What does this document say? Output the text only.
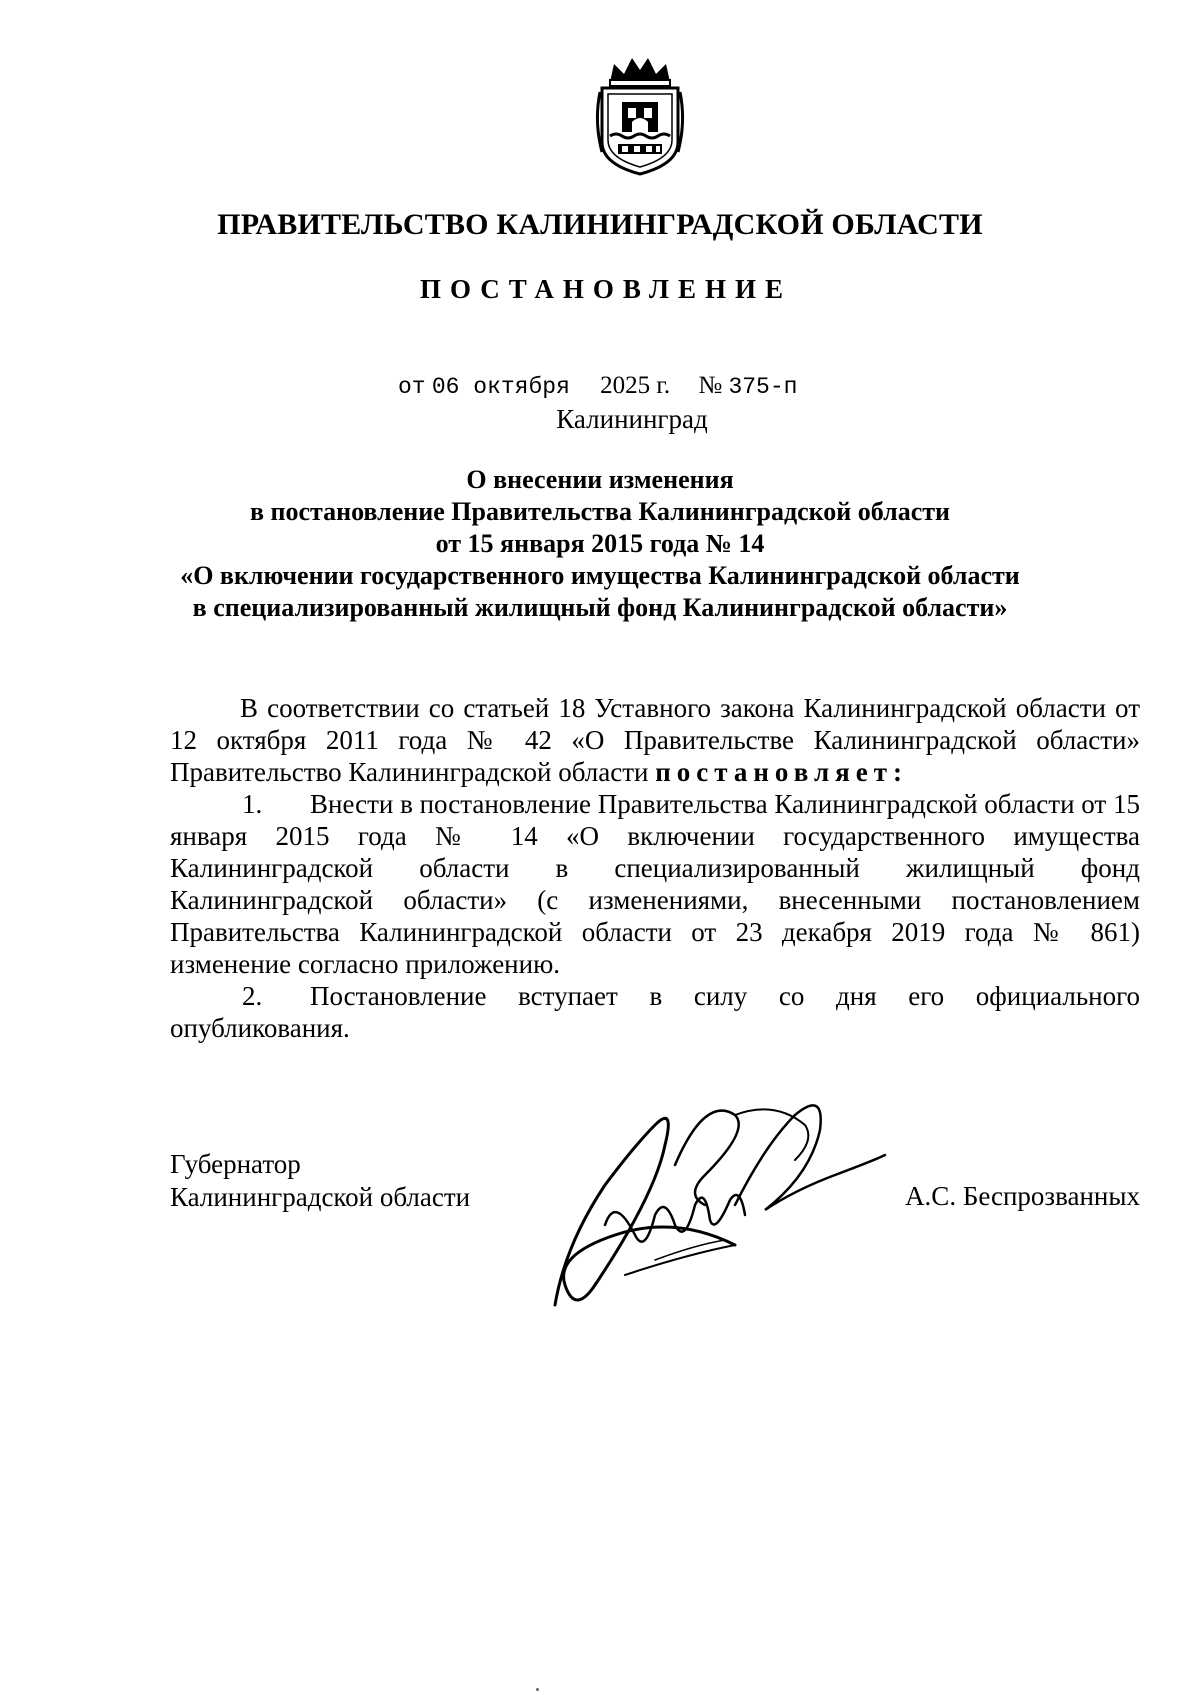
ПРАВИТЕЛЬСТВО КАЛИНИНГРАДСКОЙ ОБЛАСТИ
ПОСТАНОВЛЕНИЕ
от 06 октября 2025 г. № 375-п
Калининград
О внесении изменения
в постановление Правительства Калининградской области
от 15 января 2015 года № 14
«О включении государственного имущества Калининградской области
в специализированный жилищный фонд Калининградской области»

В соответствии со статьей 18 Уставного закона Калининградской области от 12 октября 2011 года № 42 «О Правительстве Калининградской области» Правительство Калининградской области постановляет:

1. Внести в постановление Правительства Калининградской области от 15 января 2015 года № 14 «О включении государственного имущества Калининградской области в специализированный жилищный фонд Калининградской области» (с изменениями, внесенными постановлением Правительства Калининградской области от 23 декабря 2019 года № 861) изменение согласно приложению.

2. Постановление вступает в силу со дня его официального опубликования.

Губернатор
Калининградской области	А.С. Беспрозванных
